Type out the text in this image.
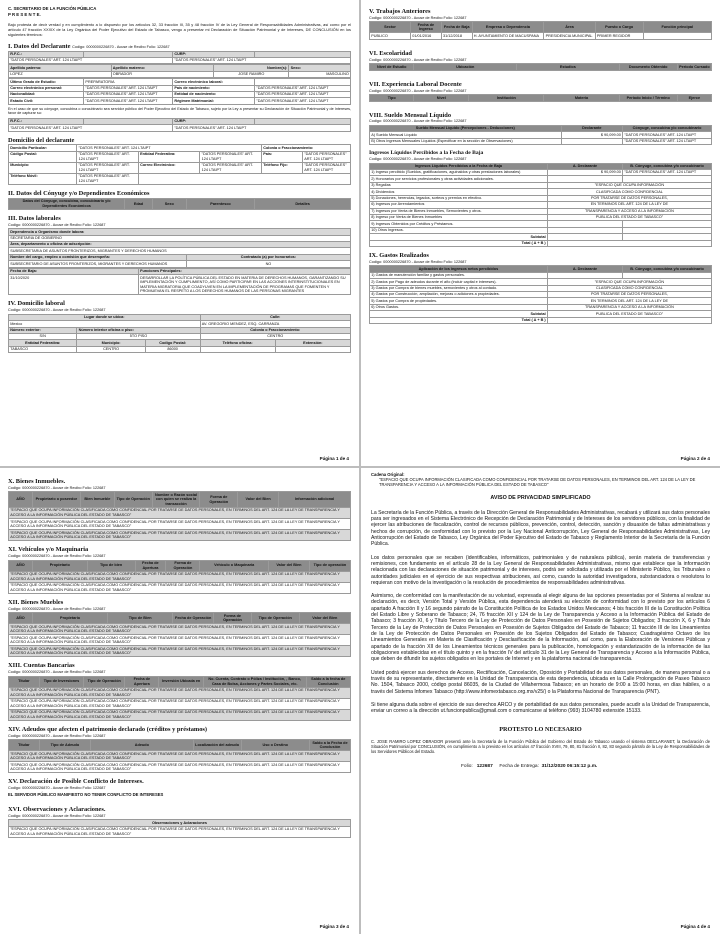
C. SECRETARIO DE LA FUNCIÓN PÚBLICA
P R E S E N T E.
Bajo protesta de decir verdad y en cumplimiento a lo dispuesto por los artículos 32, 33 fracción III, 35 y 48 fracción IV de la Ley General de Responsabilidades Administrativas, así como por el artículo 47 fracción XXXIX de la Ley Orgánica del Poder Ejecutivo del Estado de Tabasco, vengo a presentar mi Declaración de Situación Patrimonial y de Intereses, DE CONCLUSIÓN en los siguientes términos:
I. Datos del Declarante Codigo: 0000000226870 - Acuse de Recibo Folio: 122687
R.F.C.:		CURP:	
"DATOS PERSONALES" ART. 124 LTAIPT		"DATOS PERSONALES" ART. 124 LTAIPT	
Apellido paterno:	Apellido materno:	Nombre(s):	Sexo:
LOPEZ	OBRADOR	JOSE RAMIRO	MASCULINO
Último Grado de Estudio:	PREPARATORIA	Correo electrónico laboral:	
Correo electrónico personal:	"DATOS PERSONALES" ART. 124 LTAIPT	País de nacimiento:	"DATOS PERSONALES" ART. 124 LTAIPT
Nacionalidad:	"DATOS PERSONALES" ART. 124 LTAIPT	Entidad de nacimiento:	"DATOS PERSONALES" ART. 124 LTAIPT
Estado Civil:	"DATOS PERSONALES" ART. 124 LTAIPT	Régimen Matrimonial:	"DATOS PERSONALES" ART. 124 LTAIPT
En el caso de que su cónyuge, concubina o concubinario sea servidor público del Poder Ejecutivo del Estado de Tabasco, sujeto por la Ley a presentar su Declaración de Situación Patrimonial y de Intereses, favor de capturar su:
R.F.C.:		CURP:	
"DATOS PERSONALES" ART. 124 LTAIPT		"DATOS PERSONALES" ART. 124 LTAIPT	
Domicilio del declarante
Domicilio Particular:	"DATOS PERSONALES" ART. 124 LTAIPT			Colonia o Fraccionamiento:	
Código Postal:	"DATOS PERSONALES" ART. 124 LTAIPT	Entidad Federativa:	"DATOS PERSONALES" ART. 124 LTAIPT	País:	"DATOS PERSONALES" ART. 124 LTAIPT
Municipio:	"DATOS PERSONALES" ART. 124 LTAIPT	Correo Electrónico:	"DATOS PERSONALES" ART. 124 LTAIPT	Teléfono Fijo:	"DATOS PERSONALES" ART. 124 LTAIPT
Teléfono Móvil:	"DATOS PERSONALES" ART. 124 LTAIPT				
II. Datos del Cónyuge y/o Dependientes Económicos
Datos del Cónyuge, concubina, concubinario y/o Dependientes Económicos	Edad	Sexo	Parentesco	Detalles
III. Datos laborales
Codigo: 0000000226870 - Acuse de Recibo Folio: 122687
Dependencia u Organismo donde labora:	
SECRETARIA DE GOBIERNO	
Área, departamento u oficina de adscripción:	
SUBSECRETARIA DE ASUNTOS FRONTERIZOS, MIGRANTES Y DERECHOS HUMANOS	
Nombre del cargo, empleo o comisión que desempeña:	Contratado (a) por honorarios:
SUBSECRETARIO DE ASUNTOS FRONTERIZOS, MIGRANTES Y DERECHOS HUMANOS	NO
Fecha de Baja:	Funciones Principales:
31/10/2020	DESARROLLAR LA POLÍTICA PÚBLICA DEL ESTADO EN MATERIA DE DERECHOS HUMANOS, GARANTIZANDO SU IMPLEMENTACIÓN Y CUMPLIMIENTO, ASÍ COMO PARTICIPAR EN LAS ACCIONES INTERINSTITUCIONALES EN MATERIA MIGRATORIA QUE COADYUVEN EN LA IMPLEMENTACIÓN DE PROGRAMAS QUE FOMENTEN Y PROMUEVAN EL RESPETO A LOS DERECHOS HUMANOS DE LAS PERSONAS MIGRANTES
IV. Domicilio laboral
Codigo: 0000000226870 - Acuse de Recibo Folio: 122687
Lugar donde se ubica:			Calle:	
Mexico			AV. GREGORIO MENDEZ, ESQ. CARRANZA	
Número exterior:	Número interior oficina o piso:		Colonia o Fraccionamiento:	
S/N	5TO PISO		CENTRO	
Entidad Federativa:	Municipio:	Codigo Postal:	Teléfono oficina:	Extensión:
TABASCO	CENTRO	86000		
Página 1 de 4
V. Trabajos Anteriores
Codigo: 0000000226870 - Acuse de Recibo Folio: 122687
Sector	Fecha de Ingreso	Fecha de Baja	Empresa o Dependencia	Área	Puesto o Cargo	Función principal
PUBLICO	01/01/2016	31/12/2018	H. AYUNTAMIENTO DE MACUSPANA	PRESIDENCIA MUNICIPAL	PRIMER REGIDOR	
VI. Escolaridad
Codigo: 0000000226870 - Acuse de Recibo Folio: 122687
Nivel de Estudio	Ubicación	Estudios	Documento Obtenido	Periodo Cursado
VII. Experiencia Laboral Docente
Codigo: 0000000226870 - Acuse de Recibo Folio: 122687
Tipo	Nivel	Institución	Materia	Periodo Inicio / Término	Ejerce
VIII. Sueldo Mensual Líquido
Codigo: 0000000226870 - Acuse de Recibo Folio: 122687
Sueldo Mensual Líquido (Percepciones - Deducciones)	Declarante	Cónyuge, concubina y/o concubinario
A) Sueldo Mensual Líquido	$ 90,099.00	"DATOS PERSONALES" ART. 124 LTAIPT
B) Otros ingresos Mensuales Líquidos (Especificar en la sección de Observaciones)		"DATOS PERSONALES" ART. 124 LTAIPT
Ingresos Líquidos Percibidos a la Fecha de Baja
Codigo: 0000000226870 - Acuse de Recibo Folio: 122687
Ingresos Líquidos Percibidos a la Fecha de Baja	A. Declarante	B. Cónyuge, concubina y/o concubinario
1) Ingreso percibido (Sueldos, gratificaciones, aguinaldos y otras prestaciones laborales)	$ 90,099.00	"DATOS PERSONALES" ART. 124 LTAIPT
2) Honorarios por servicios profesionales y otras actividades adicionales.		
3) Regalías	"ESPACIO QUE OCUPA INFORMACIÓN	
4) Dividendos	CLASIFICADA COMO CONFIDENCIAL	
5) Donaciones, herencias, legados, sorteos y premios en efectivo.	POR TRATARSE DE DATOS PERSONALES,	
6) Ingresos por Arrendamientos	EN TERMINOS DEL ART. 124 DE LA LEY DE	
7) Ingresos por Venta de Bienes Inmuebles, Semovientes y otros.	TRANSPARENCIA Y ACCESO A LA INFORMACIÓN	
8) Ingreso por Venta de Bienes Inmuebles	PUBLICA DEL ESTADO DE TABASCO"	
9) Ingresos Obtenidos por Créditos y Préstamos.		
10) Otros Ingresos.		
Subtotal		
Total ( A + B )		
IX. Gastos Realizados
Codigo: 0000000226870 - Acuse de Recibo Folio: 122687
Aplicación de los ingresos netos percibidos	A. Declarante	B. Cónyuge, concubina y/o concubinario
1) Gastos de manutención familiar y gastos personales.		
2) Gastos por Pago de adeudos durante el año (incluir capital e intereses).	"ESPACIO QUE OCUPA INFORMACIÓN	
3) Gastos por Compra de bienes muebles, semovientes y otros al contado.	CLASIFICADA COMO CONFIDENCIAL	
4) Gastos por Construcción, ampliación, mejoras o adiciones a propiedades.	POR TRATARSE DE DATOS PERSONALES,	
5) Gastos por Compra de propiedades.	EN TERMINOS DEL ART. 124 DE LA LEY DE	
6) Otros Gastos.	TRANSPARENCIA Y ACCESO A LA INFORMACIÓN	
Subtotal	PUBLICA DEL ESTADO DE TABASCO"	
Total ( A + B )		
Página 2 de 4
X. Bienes Inmuebles.
Codigo: 0000000226870 - Acuse de Recibo Folio: 122687
AÑO	Propietario o poseedor	Bien Inmueble	Tipo de Operación	Nombre o Razón social con quien se realiza la transacción	Forma de Operación	Valor del Bien	Información adicional
"ESPACIO QUE OCUPA INFORMACIÓN CLASIFICADA COMO CONFIDENCIAL POR TRATARSE DE DATOS PERSONALES, EN TERMINOS DEL ART. 124 DE LA LEY DE TRANSPARENCIA Y ACCESO A LA INFORMACIÓN PÚBLICA DEL ESTADO DE TABASCO"
"ESPACIO QUE OCUPA INFORMACIÓN CLASIFICADA COMO CONFIDENCIAL POR TRATARSE DE DATOS PERSONALES, EN TERMINOS DEL ART. 124 DE LA LEY DE TRANSPARENCIA Y ACCESO A LA INFORMACIÓN PÚBLICA DEL ESTADO DE TABASCO"
"ESPACIO QUE OCUPA INFORMACIÓN CLASIFICADA COMO CONFIDENCIAL POR TRATARSE DE DATOS PERSONALES, EN TERMINOS DEL ART. 124 DE LA LEY DE TRANSPARENCIA Y ACCESO A LA INFORMACIÓN PÚBLICA DEL ESTADO DE TABASCO"
XI. Vehículos y/o Maquinaria
Codigo: 0000000226870 - Acuse de Recibo Folio: 122687
AÑO	Propietario	Tipo de bien	Fecha de Apertura	Forma de Operación	Vehículo o Maquinaria	Valor del Bien	Tipo de operación
"ESPACIO QUE OCUPA INFORMACIÓN CLASIFICADA COMO CONFIDENCIAL POR TRATARSE DE DATOS PERSONALES, EN TERMINOS DEL ART. 124 DE LA LEY DE TRANSPARENCIA Y ACCESO A LA INFORMACIÓN PÚBLICA DEL ESTADO DE TABASCO"
"ESPACIO QUE OCUPA INFORMACIÓN CLASIFICADA COMO CONFIDENCIAL POR TRATARSE DE DATOS PERSONALES, EN TERMINOS DEL ART. 124 DE LA LEY DE TRANSPARENCIA Y ACCESO A LA INFORMACIÓN PÚBLICA DEL ESTADO DE TABASCO"
XII. Bienes Muebles
Codigo: 0000000226870 - Acuse de Recibo Folio: 122687
AÑO	Propietario	Tipo de Bien	Fecha de Operación	Forma de Operación	Tipo de Operación	Valor del Bien
"ESPACIO QUE OCUPA INFORMACIÓN CLASIFICADA COMO CONFIDENCIAL POR TRATARSE DE DATOS PERSONALES, EN TERMINOS DEL ART. 124 DE LA LEY DE TRANSPARENCIA Y ACCESO A LA INFORMACIÓN PÚBLICA DEL ESTADO DE TABASCO"
"ESPACIO QUE OCUPA INFORMACIÓN CLASIFICADA COMO CONFIDENCIAL POR TRATARSE DE DATOS PERSONALES, EN TERMINOS DEL ART. 124 DE LA LEY DE TRANSPARENCIA Y ACCESO A LA INFORMACIÓN PÚBLICA DEL ESTADO DE TABASCO"
"ESPACIO QUE OCUPA INFORMACIÓN CLASIFICADA COMO CONFIDENCIAL POR TRATARSE DE DATOS PERSONALES, EN TERMINOS DEL ART. 124 DE LA LEY DE TRANSPARENCIA Y ACCESO A LA INFORMACIÓN PÚBLICA DEL ESTADO DE TABASCO"
XIII. Cuentas Bancarias
Codigo: 0000000226870 - Acuse de Recibo Folio: 122687
Titular	Tipo de Inversiones	Tipo de Operación	Fecha de Apertura	Inversión Ubicada en	No. Cuenta, Contrato o Póliza / Institución, , Banco, Casa de Bolsa, Acciones y Partes Sociales, etc.	Saldo a la fecha de Conclusión
"ESPACIO QUE OCUPA INFORMACIÓN CLASIFICADA COMO CONFIDENCIAL POR TRATARSE DE DATOS PERSONALES, EN TERMINOS DEL ART. 124 DE LA LEY DE TRANSPARENCIA Y ACCESO A LA INFORMACIÓN PÚBLICA DEL ESTADO DE TABASCO"
"ESPACIO QUE OCUPA INFORMACIÓN CLASIFICADA COMO CONFIDENCIAL POR TRATARSE DE DATOS PERSONALES, EN TERMINOS DEL ART. 124 DE LA LEY DE TRANSPARENCIA Y ACCESO A LA INFORMACIÓN PÚBLICA DEL ESTADO DE TABASCO"
"ESPACIO QUE OCUPA INFORMACIÓN CLASIFICADA COMO CONFIDENCIAL POR TRATARSE DE DATOS PERSONALES, EN TERMINOS DEL ART. 124 DE LA LEY DE TRANSPARENCIA Y ACCESO A LA INFORMACIÓN PÚBLICA DEL ESTADO DE TABASCO"
XIV. Adeudos que afecten el patrimonio declarado (créditos y préstamos)
Codigo: 0000000226870 - Acuse de Recibo Folio: 122687
Titular	Tipo de Adeudo	Adeudo	Localización del adeudo	Uso o Destino	Saldo a la Fecha de Conclusión
"ESPACIO QUE OCUPA INFORMACIÓN CLASIFICADA COMO CONFIDENCIAL POR TRATARSE DE DATOS PERSONALES, EN TERMINOS DEL ART. 124 DE LA LEY DE TRANSPARENCIA Y ACCESO A LA INFORMACIÓN PÚBLICA DEL ESTADO DE TABASCO"
"ESPACIO QUE OCUPA INFORMACIÓN CLASIFICADA COMO CONFIDENCIAL POR TRATARSE DE DATOS PERSONALES, EN TERMINOS DEL ART. 124 DE LA LEY DE TRANSPARENCIA Y ACCESO A LA INFORMACIÓN PÚBLICA DEL ESTADO DE TABASCO"
XV. Declaración de Posible Conflicto de Intereses.
Codigo: 0000000226870 - Acuse de Recibo Folio: 122687
EL SERVIDOR PÚBLICO MANIFIESTO NO TENER CONFLICTO DE INTERESES
XVI. Observaciones y Aclaraciones.
Codigo: 0000000226870 - Acuse de Recibo Folio: 122687
Observaciones y Aclaraciones
"ESPACIO QUE OCUPA INFORMACIÓN CLASIFICADA COMO CONFIDENCIAL POR TRATARSE DE DATOS PERSONALES, EN TERMINOS DEL ART. 124 DE LA LEY DE TRANSPARENCIA Y ACCESO A LA INFORMACIÓN PÚBLICA DEL ESTADO DE TABASCO"
Página 3 de 4
Cadena Original:
"ESPACIO QUE OCUPA INFORMACIÓN CLASIFICADA COMO CONFIDENCIAL POR TRATARSE DE DATOS PERSONALES, EN TERMINOS DEL ART. 124 DE LA LEY DE TRANSPARENCIA Y ACCESO A LA INFORMACIÓN PÚBLICA DEL ESTADO DE TABASCO"
AVISO DE PRIVACIDAD SIMPLIFICADO
La Secretaría de la Función Pública, a través de la Dirección General de Responsabilidades Administrativas, recabará y utilizará sus datos personales para ser ingresados en el Sistema Electrónico de Recepción de Declaración Patrimonial y de Intereses de los servidores públicos, con la finalidad de ejercer las atribuciones de fiscalización, control de recursos públicos, prevención, control, detección, sanción y disuasión de faltas administrativas y hechos de corrupción, de conformidad con lo previsto por la Ley Nacional Anticorrupción, Ley General de Responsabilidades Administrativas, Ley Anticorrupción del Estado de Tabasco, Ley Orgánica del Poder Ejecutivo del Estado de Tabasco y Reglamento Interior de la Secretaría de la Función Pública.
Los datos personales que se recaben (identificables, informáticos, patrimoniales y de naturaleza pública), serán materia de transferencias y remisiones, con fundamento en el artículo 28 de la Ley General de Responsabilidades Administrativas, mismo que establece que la información relacionada con las declaraciones de situación patrimonial y de intereses, podrá ser solicitada y utilizada por el Ministerio Público, los Tribunales o autoridades judiciales en el ejercicio de sus respectivas atribuciones, así como, cuando la autoridad investigadora, substanciadora o resolutora lo requieran con motivo de la investigación o la resolución de procedimientos de responsabilidades administrativas.
Asimismo, de conformidad con la manifestación de su voluntad, expresada al elegir alguna de las opciones presentadas por el Sistema al realizar su declaración, es decir, Versión Total y Versión Pública, esta dependencia atenderá su elección de conformidad con lo previsto por los artículos 6 apartado A fracción II y 16 segundo párrafo de la Constitución Política de los Estados Unidos Mexicanos; 4 bis fracción III de la Constitución Política del Estado Libre y Soberano de Tabasco; 24, 76 fracción XII y 124 de la Ley de Transparencia y Acceso a la Información Pública del Estado de Tabasco; 3 fracción XI, 6 y Título Tercero de la Ley de Protección de Datos Personales en Posesión de Sujetos Obligados; 3 fracción X, 6 y Título Tercero de la Ley de Protección de Datos Personales en Posesión de Sujetos Obligados del Estado de Tabasco; 11 fracción III de los Lineamientos de la Ley de Protección de Datos Personales en Posesión de los Sujetos Obligados del Estado de Tabasco; Cuadragésimo Octavo de los Lineamientos Generales en Materia de Clasificación y Desclasificación de la Información, así como, para la Elaboración de Versiones Públicas y apartado de la fracción XII de los Lineamientos técnicos generales para la publicación, homologación y estandarización de la información de las obligaciones establecidas en el título quinto y en la fracción IV del artículo 31 de la Ley General de Transparencia y Acceso a la Información Pública, que deben de difundir los sujetos obligados en los portales de Internet y en la plataforma nacional de transparencia.
Usted podrá ejercer sus derechos de Acceso, Rectificación, Cancelación, Oposición y Portabilidad de sus datos personales, de manera personal o a través de su representante, directamente en la Unidad de Transparencia de esta dependencia, ubicada en la Calle Prolongación de Paseo Tabasco No. 1504, Tabasco 2000, código postal 86035, de la Ciudad de Villahermosa Tabasco; en un horario de 9:00 a 15:00 horas, en días hábiles, o a través del Sistema Infomex Tabasco (http://www.infomextabasco.org.mx/v25/) o la Plataforma Nacional de Transparencia (PNT).
Si tiene alguna duda sobre el ejercicio de sus derechos ARCO y de portabilidad de sus datos personales, puede acudir a la Unidad de Transparencia, enviar un correo a la dirección ut.funcionpublica@gmail.com o comunicarse al teléfono (993) 3104780 extensión 15133.
PROTESTO LO NECESARIO
C. JOSE RAMIRO LOPEZ OBRADOR presentó ante la Secretaría de la Función Pública del Gobierno del Estado de Tabasco usando el sistema DECLARANET, la Declaración de Situación Patrimonial por CONCLUSIÓN, en cumplimiento a lo previsto en los artículos 47 fracción XVIII, 79, 80, 81 fracción II, 82, 83 segundo párrafo de la Ley de Responsabilidades de los Servidores Públicos del Estado.
Folio: 122687 Fecha de Entrega: 31/12/2020 06:15:12 p.m.
Página 4 de 4
